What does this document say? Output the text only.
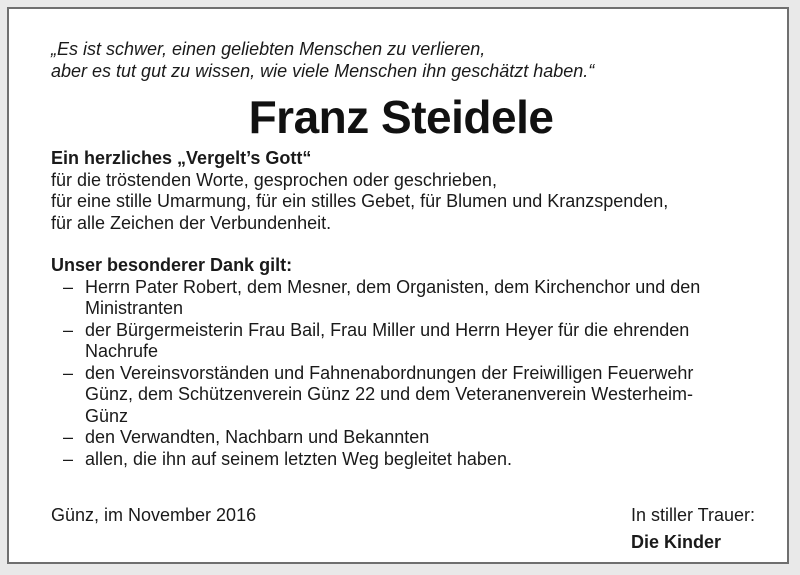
„Es ist schwer, einen geliebten Menschen zu verlieren,
aber es tut gut zu wissen, wie viele Menschen ihn geschätzt haben.“
Franz Steidele
Ein herzliches „Vergelt’s Gott“
für die tröstenden Worte, gesprochen oder geschrieben,
für eine stille Umarmung, für ein stilles Gebet, für Blumen und Kranzspenden,
für alle Zeichen der Verbundenheit.
Unser besonderer Dank gilt:
– Herrn Pater Robert, dem Mesner, dem Organisten, dem Kirchenchor und den
Ministranten
– der Bürgermeisterin Frau Bail, Frau Miller und Herrn Heyer für die ehrenden
Nachrufe
– den Vereinsvorständen und Fahnenabordnungen der Freiwilligen Feuerwehr
Günz, dem Schützenverein Günz 22 und dem Veteranenverein Westerheim-
Günz
– den Verwandten, Nachbarn und Bekannten
– allen, die ihn auf seinem letzten Weg begleitet haben.
Günz, im November 2016	In stiller Trauer:
Die Kinder
